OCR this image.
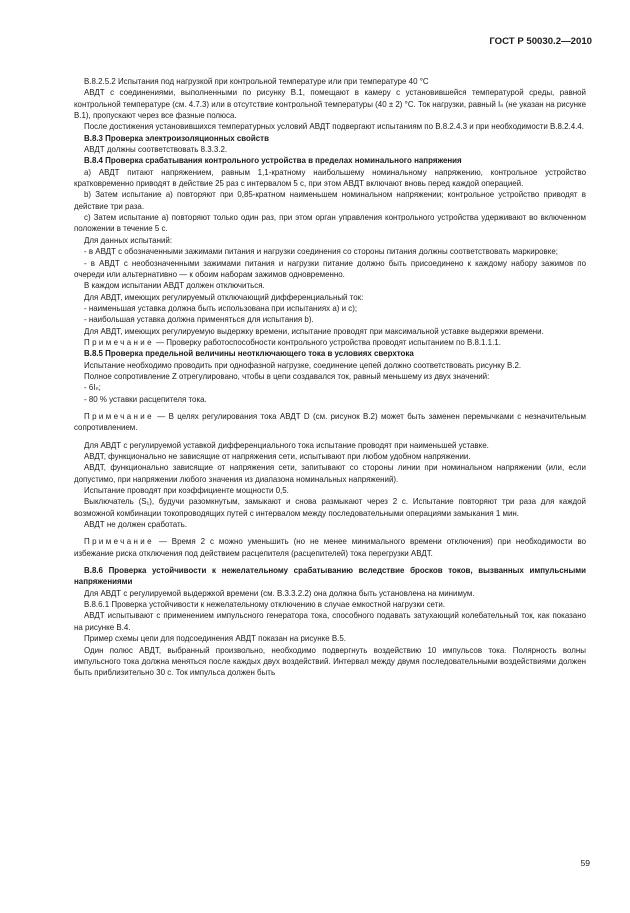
ГОСТ Р 50030.2—2010

В.8.2.5.2 Испытания под нагрузкой при контрольной температуре или при температуре 40 °С

АВДТ с соединениями, выполненными по рисунку В.1, помещают в камеру с установившейся температурой среды, равной контрольной температуре (см. 4.7.3) или в отсутствие контрольной температуры (40 ± 2) °С. Ток нагрузки, равный Iₙ (не указан на рисунке В.1), пропускают через все фазные полюса.

После достижения установившихся температурных условий АВДТ подвергают испытаниям по В.8.2.4.3 и при необходимости В.8.2.4.4.

В.8.3 Проверка электроизоляционных свойств

АВДТ должны соответствовать 8.3.3.2.

В.8.4 Проверка срабатывания контрольного устройства в пределах номинального напряжения

а) АВДТ питают напряжением, равным 1,1-кратному наибольшему номинальному напряжению, контрольное устройство кратковременно приводят в действие 25 раз с интервалом 5 с, при этом АВДТ включают вновь перед каждой операцией.

b) Затем испытание а) повторяют при 0,85-кратном наименьшем номинальном напряжении; контрольное устройство приводят в действие три раза.

с) Затем испытание а) повторяют только один раз, при этом орган управления контрольного устройства удерживают во включенном положении в течение 5 с.

Для данных испытаний:

- в АВДТ с обозначенными зажимами питания и нагрузки соединения со стороны питания должны соответствовать маркировке;

- в АВДТ с необозначенными зажимами питания и нагрузки питание должно быть присоединено к каждому набору зажимов по очереди или альтернативно — к обоим наборам зажимов одновременно.

В каждом испытании АВДТ должен отключиться.

Для АВДТ, имеющих регулируемый отключающий дифференциальный ток:

- наименьшая уставка должна быть использована при испытаниях а) и с);

- наибольшая уставка должна применяться для испытания b).

Для АВДТ, имеющих регулируемую выдержку времени, испытание проводят при максимальной уставке выдержки времени.

Примечание — Проверку работоспособности контрольного устройства проводят испытанием по В.8.1.1.1.

В.8.5 Проверка предельной величины неотключающего тока в условиях сверхтока

Испытание необходимо проводить при однофазной нагрузке, соединение цепей должно соответствовать рисунку В.2.

Полное сопротивление Z отрегулировано, чтобы в цепи создавался ток, равный меньшему из двух значений:

- 6Iₙ;

- 80 % уставки расцепителя тока.

Примечание — В целях регулирования тока АВДТ D (см. рисунок В.2) может быть заменен перемычками с незначительным сопротивлением.

Для АВДТ с регулируемой уставкой дифференциального тока испытание проводят при наименьшей уставке.

АВДТ, функционально не зависящие от напряжения сети, испытывают при любом удобном напряжении.

АВДТ, функционально зависящие от напряжения сети, запитывают со стороны линии при номинальном напряжении (или, если допустимо, при напряжении любого значения из диапазона номинальных напряжений).

Испытание проводят при коэффициенте мощности 0,5.

Выключатель (S₁), будучи разомкнутым, замыкают и снова размыкают через 2 с. Испытание повторяют три раза для каждой возможной комбинации токопроводящих путей с интервалом между последовательными операциями замыкания 1 мин.

АВДТ не должен сработать.

Примечание — Время 2 с можно уменьшить (но не менее минимального времени отключения) при необходимости во избежание риска отключения под действием расцепителя (расцепителей) тока перегрузки АВДТ.

В.8.6 Проверка устойчивости к нежелательному срабатыванию вследствие бросков токов, вызванных импульсными напряжениями

Для АВДТ с регулируемой выдержкой времени (см. В.3.3.2.2) она должна быть установлена на минимум.

В.8.6.1 Проверка устойчивости к нежелательному отключению в случае емкостной нагрузки сети.

АВДТ испытывают с применением импульсного генератора тока, способного подавать затухающий колебательный ток, как показано на рисунке В.4.

Пример схемы цепи для подсоединения АВДТ показан на рисунке В.5.

Один полюс АВДТ, выбранный произвольно, необходимо подвергнуть воздействию 10 импульсов тока. Полярность волны импульсного тока должна меняться после каждых двух воздействий. Интервал между двумя последовательными воздействиями должен быть приблизительно 30 с. Ток импульса должен быть

59
